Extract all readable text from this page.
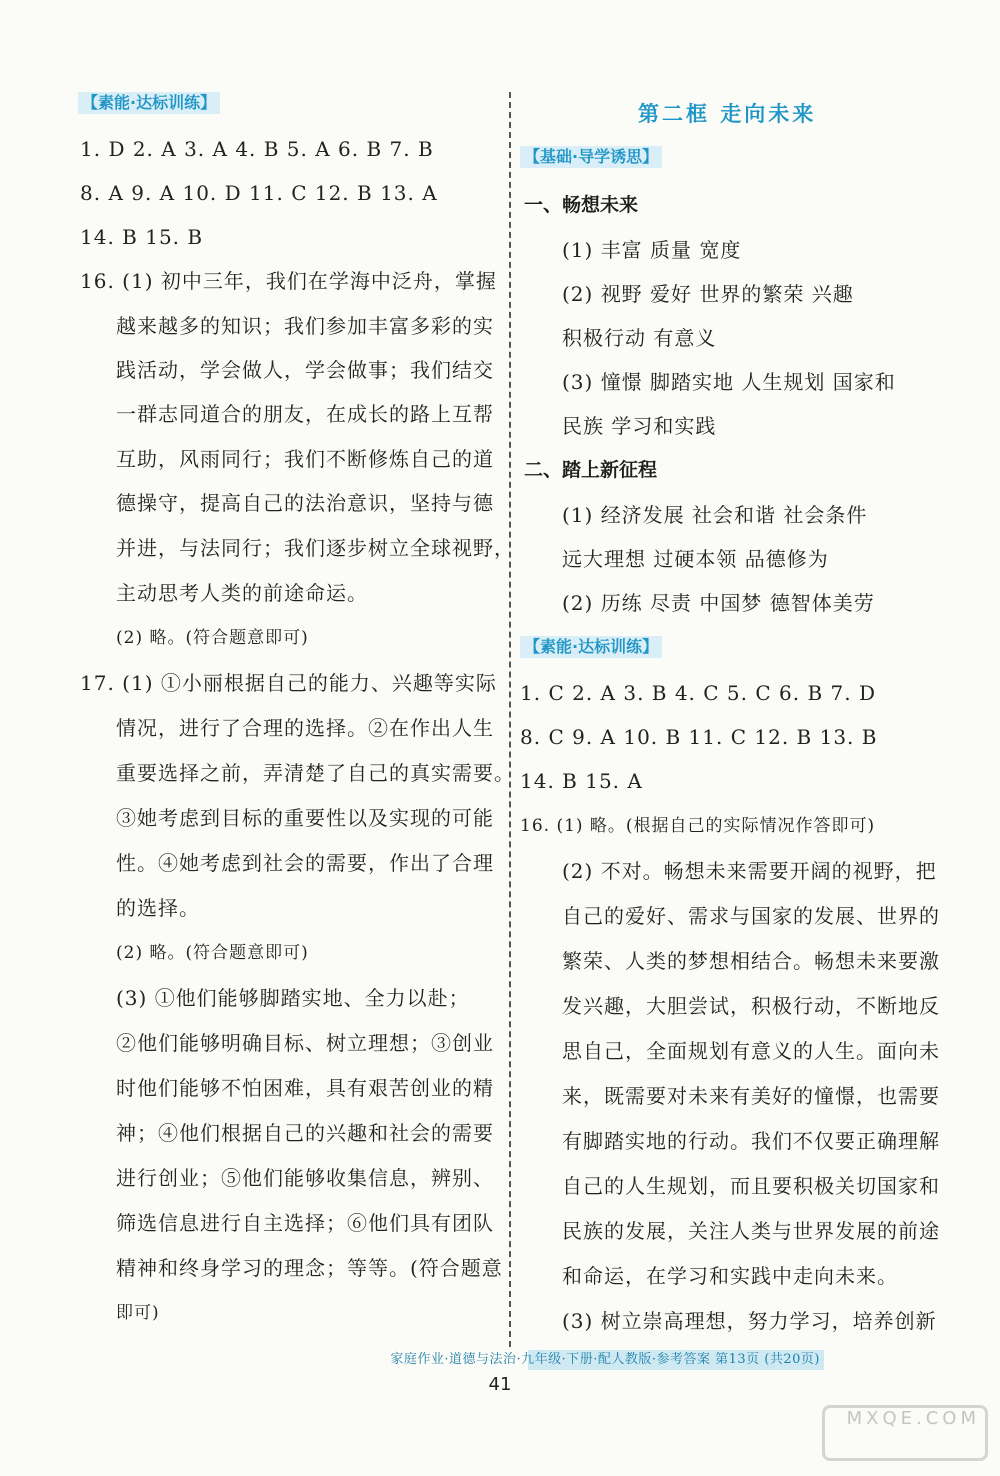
【素能·达标训练】
1. D 2. A 3. A 4. B 5. A 6. B 7. B
8. A 9. A 10. D 11. C 12. B 13. A
14. B 15. B
16. (1) 初中三年，我们在学海中泛舟，掌握
越来越多的知识；我们参加丰富多彩的实
践活动，学会做人，学会做事；我们结交
一群志同道合的朋友，在成长的路上互帮
互助，风雨同行；我们不断修炼自己的道
德操守，提高自己的法治意识，坚持与德
并进，与法同行；我们逐步树立全球视野，
主动思考人类的前途命运。
(2) 略。(符合题意即可)
17. (1) ①小丽根据自己的能力、兴趣等实际
情况，进行了合理的选择。②在作出人生
重要选择之前，弄清楚了自己的真实需要。
③她考虑到目标的重要性以及实现的可能
性。④她考虑到社会的需要，作出了合理
的选择。
(2) 略。(符合题意即可)
(3) ①他们能够脚踏实地、全力以赴；
②他们能够明确目标、树立理想；③创业
时他们能够不怕困难，具有艰苦创业的精
神；④他们根据自己的兴趣和社会的需要
进行创业；⑤他们能够收集信息，辨别、
筛选信息进行自主选择；⑥他们具有团队
精神和终身学习的理念；等等。(符合题意
即可)
第二框 走向未来
【基础·导学诱思】
一、畅想未来
(1) 丰富 质量 宽度
(2) 视野 爱好 世界的繁荣 兴趣
积极行动 有意义
(3) 憧憬 脚踏实地 人生规划 国家和
民族 学习和实践
二、踏上新征程
(1) 经济发展 社会和谐 社会条件
远大理想 过硬本领 品德修为
(2) 历练 尽责 中国梦 德智体美劳
【素能·达标训练】
1. C 2. A 3. B 4. C 5. C 6. B 7. D
8. C 9. A 10. B 11. C 12. B 13. B
14. B 15. A
16. (1) 略。(根据自己的实际情况作答即可)
(2) 不对。畅想未来需要开阔的视野，把
自己的爱好、需求与国家的发展、世界的
繁荣、人类的梦想相结合。畅想未来要激
发兴趣，大胆尝试，积极行动，不断地反
思自己，全面规划有意义的人生。面向未
来，既需要对未来有美好的憧憬，也需要
有脚踏实地的行动。我们不仅要正确理解
自己的人生规划，而且要积极关切国家和
民族的发展，关注人类与世界发展的前途
和命运，在学习和实践中走向未来。
(3) 树立崇高理想，努力学习，培养创新
家庭作业·道德与法治·九年级·下册·配人教版·参考答案 第13页 (共20页)
41
MXQE.COM
